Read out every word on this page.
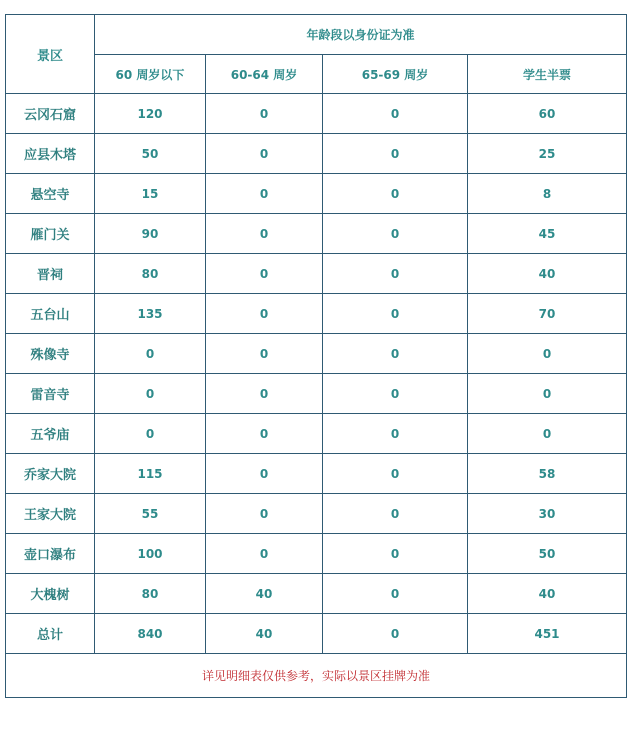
景区	年龄段以身份证为准			
	60 周岁以下	60-64 周岁	65-69 周岁	学生半票
云冈石窟	120	0	0	60
应县木塔	50	0	0	25
悬空寺	15	0	0	8
雁门关	90	0	0	45
晋祠	80	0	0	40
五台山	135	0	0	70
殊像寺	0	0	0	0
雷音寺	0	0	0	0
五爷庙	0	0	0	0
乔家大院	115	0	0	58
王家大院	55	0	0	30
壶口瀑布	100	0	0	50
大槐树	80	40	0	40
总计	840	40	0	451
详见明细表仅供参考，实际以景区挂牌为准				
